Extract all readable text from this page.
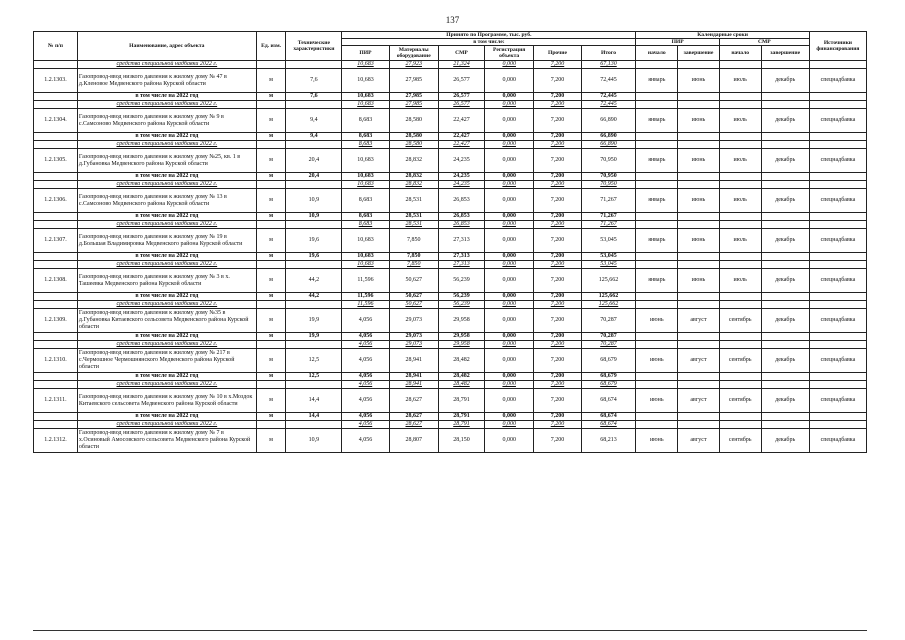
137
№ п/п	Наименование, адрес объекта	Ед. изм.	Технические характеристики	Принято по Программе, тыс. руб.						Календарные сроки				Источники финансирования
				в том числе:						ПИР		СМР		
				ПИР	Материалы оборудование	СМР	Регистрация объекта	Прочие	Итого	начало	завершение	начало	завершение	
	средства специальной надбавки 2022 г.			10,683	27,923	21,324	0,000	7,200	67,130					
1.2.1303.	Газопровод-ввод низкого давления к жилому дому № 47 в д.Кленовое Медвенского района Курской области	м	7,6	10,683	27,985	26,577	0,000	7,200	72,445	январь	июнь	июль	декабрь	спецнадбавка
	в том числе на 2022 год	м	7,6	10,683	27,985	26,577	0,000	7,200	72,445					
	средства специальной надбавки 2022 г.			10,683	27,985	26,577	0,000	7,200	72,445					
1.2.1304.	Газопровод-ввод низкого давления к жилому дому № 9 в с.Самсоново Медвенского района Курской области	м	9,4	8,683	28,580	22,427	0,000	7,200	66,890	январь	июнь	июль	декабрь	спецнадбавка
	в том числе на 2022 год	м	9,4	8,683	28,580	22,427	0,000	7,200	66,890					
	средства специальной надбавки 2022 г.			8,683	28,580	22,427	0,000	7,200	66,890					
1.2.1305.	Газопровод-ввод низкого давления к жилому дому №25, кв. 1 в д.Губановка Медвенского района Курской области	м	20,4	10,683	28,832	24,235	0,000	7,200	70,950	январь	июнь	июль	декабрь	спецнадбавка
	в том числе на 2022 год	м	20,4	10,683	28,832	24,235	0,000	7,200	70,950					
	средства специальной надбавки 2022 г.			10,683	28,832	24,235	0,000	7,200	70,950					
1.2.1306.	Газопровод-ввод низкого давления к жилому дому № 13 в с.Самсоново Медвенского района Курской области	м	10,9	8,683	28,531	26,853	0,000	7,200	71,267	январь	июнь	июль	декабрь	спецнадбавка
	в том числе на 2022 год	м	10,9	8,683	28,531	26,853	0,000	7,200	71,267					
	средства специальной надбавки 2022 г.			8,683	28,531	26,853	0,000	7,200	71,267					
1.2.1307.	Газопровод-ввод низкого давления к жилому дому № 19 в д.Большая Владимировка Медвенского района Курской области	м	19,6	10,683	7,850	27,313	0,000	7,200	53,045	январь	июнь	июль	декабрь	спецнадбавка
	в том числе на 2022 год	м	19,6	10,683	7,850	27,313	0,000	7,200	53,045					
	средства специальной надбавки 2022 г.			10,683	7,850	27,313	0,000	7,200	53,045					
1.2.1308.	Газопровод-ввод низкого давления к жилому дому № 3 в х. Ташеевка Медвенского района Курской области	м	44,2	11,596	50,627	56,239	0,000	7,200	125,662	январь	июнь	июль	декабрь	спецнадбавка
	в том числе на 2022 год	м	44,2	11,596	50,627	56,239	0,000	7,200	125,662					
	средства специальной надбавки 2022 г.			11,596	50,627	56,239	0,000	7,200	125,662					
1.2.1309.	Газопровод-ввод низкого давления к жилому дому №35 в д.Губановка Китаевского сельсовета Медвенского района Курской области	м	19,9	4,056	29,073	29,958	0,000	7,200	70,287	июнь	август	сентябрь	декабрь	спецнадбавка
	в том числе на 2022 год	м	19,9	4,056	29,073	29,958	0,000	7,200	70,287					
	средства специальной надбавки 2022 г.			4,056	29,073	29,958	0,000	7,200	70,287					
1.2.1310.	Газопровод-ввод низкого давления к жилому дому № 217 в с.Чермошное Чермошнянского Медвенского района Курской области	м	12,5	4,056	28,941	28,482	0,000	7,200	68,679	июнь	август	сентябрь	декабрь	спецнадбавка
	в том числе на 2022 год	м	12,5	4,056	28,941	28,482	0,000	7,200	68,679					
	средства специальной надбавки 2022 г.			4,056	28,941	28,482	0,000	7,200	68,679					
1.2.1311.	Газопровод-ввод низкого давления к жилому дому № 10 в х.Моздок Китаевского сельсовета Медвенского района Курской области	м	14,4	4,056	28,627	28,791	0,000	7,200	68,674	июнь	август	сентябрь	декабрь	спецнадбавка
	в том числе на 2022 год	м	14,4	4,056	28,627	28,791	0,000	7,200	68,674					
	средства специальной надбавки 2022 г.			4,056	28,627	28,791	0,000	7,200	68,674					
1.2.1312.	Газопровод-ввод низкого давления к жилому дому № 7 в х.Осиновый Амосовского сельсовета Медвенского района Курской области	м	10,9	4,056	28,807	28,150	0,000	7,200	68,213	июнь	август	сентябрь	декабрь	спецнадбавка
